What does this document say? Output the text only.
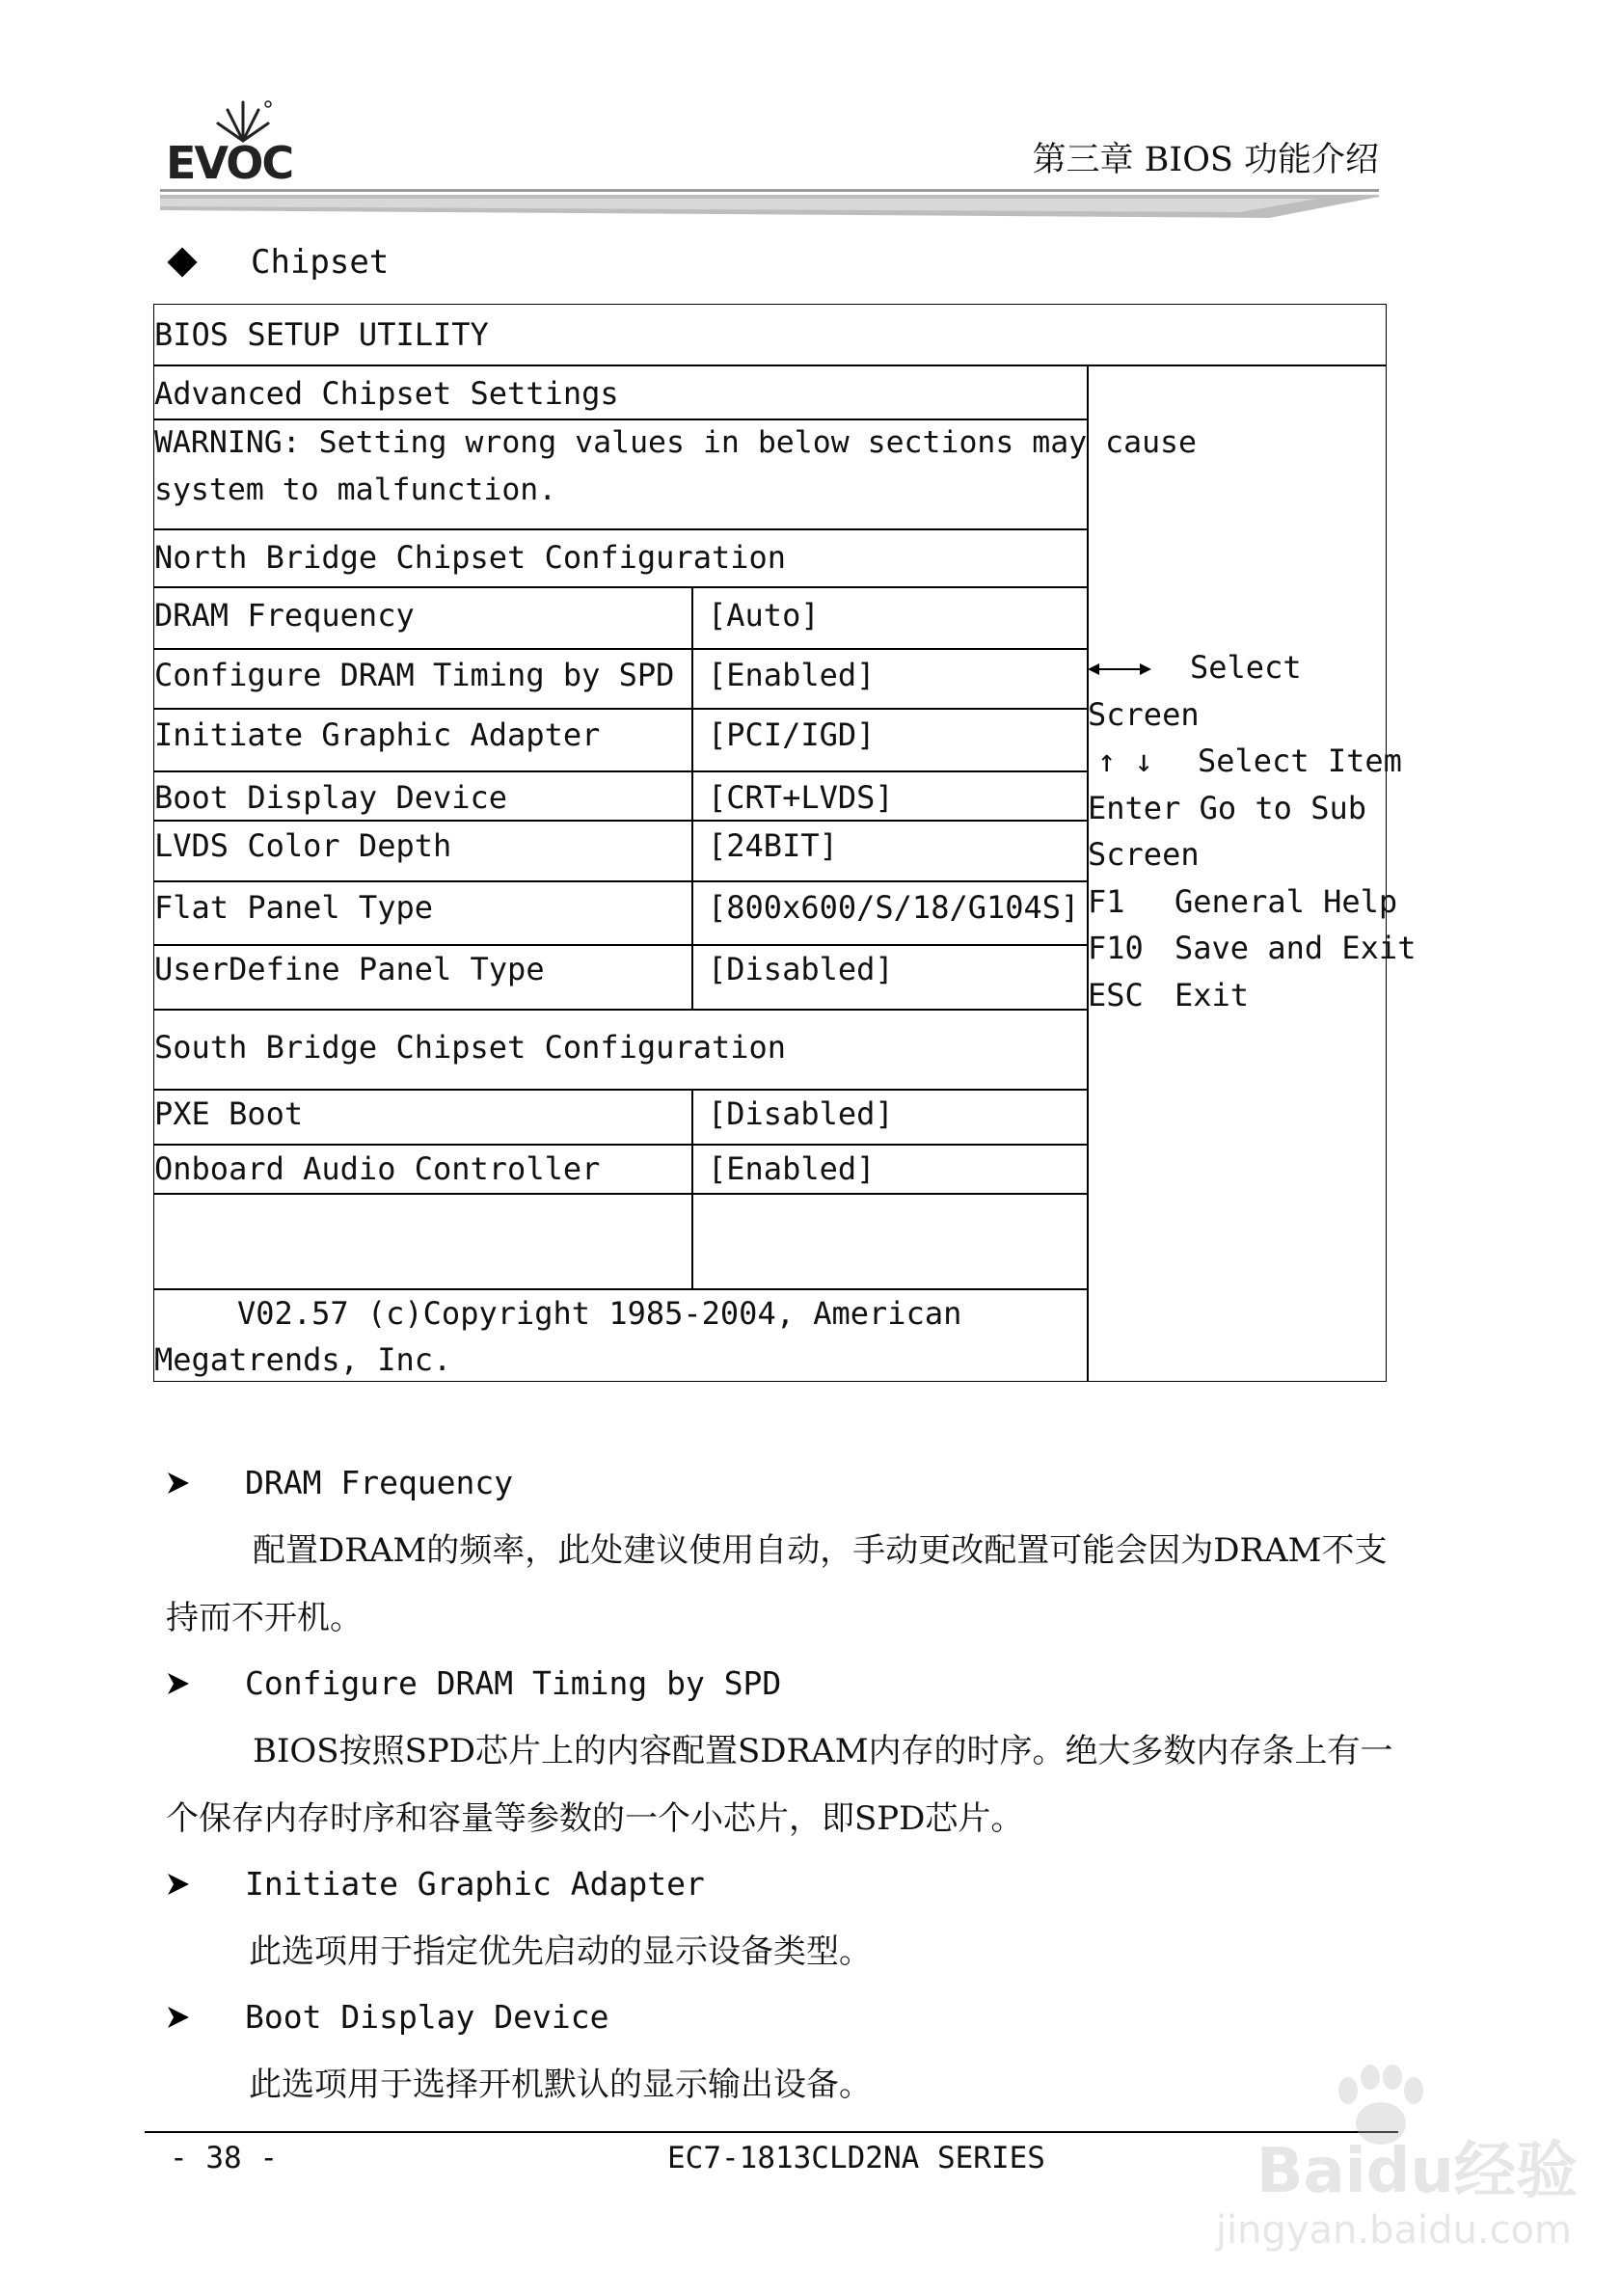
EVOC	第三章 BIOS 功能介绍
Chipset
BIOS SETUP UTILITY
Advanced Chipset Settings
WARNING: Setting wrong values in below sections may cause
system to malfunction.
North Bridge Chipset Configuration
DRAM Frequency	[Auto]
Configure DRAM Timing by SPD [Enabled]
Initiate Graphic Adapter	[PCI/IGD]
Boot Display Device	[CRT+LVDS]
LVDS Color Depth	[24BIT]
Flat Panel Type	[800x600/S/18/G104S]
UserDefine Panel Type	[Disabled]
South Bridge Chipset Configuration
PXE Boot	[Disabled]
Onboard Audio Controller	[Enabled]
V02.57 (c)Copyright 1985-2004, American
Megatrends, Inc.
Select
Screen
↑ ↓ Select Item
Enter Go to Sub
Screen
F1 General Help
F10 Save and Exit
ESC Exit
DRAM Frequency
配置DRAM的频率，此处建议使用自动，手动更改配置可能会因为DRAM不支
持而不开机。
Configure DRAM Timing by SPD
BIOS按照SPD芯片上的内容配置SDRAM内存的时序。绝大多数内存条上有一
个保存内存时序和容量等参数的一个小芯片，即SPD芯片。
Initiate Graphic Adapter
此选项用于指定优先启动的显示设备类型。
Boot Display Device
此选项用于选择开机默认的显示输出设备。
- 38 -	EC7-1813CLD2NA SERIES	Baidu经验
jingyan.baidu.com
